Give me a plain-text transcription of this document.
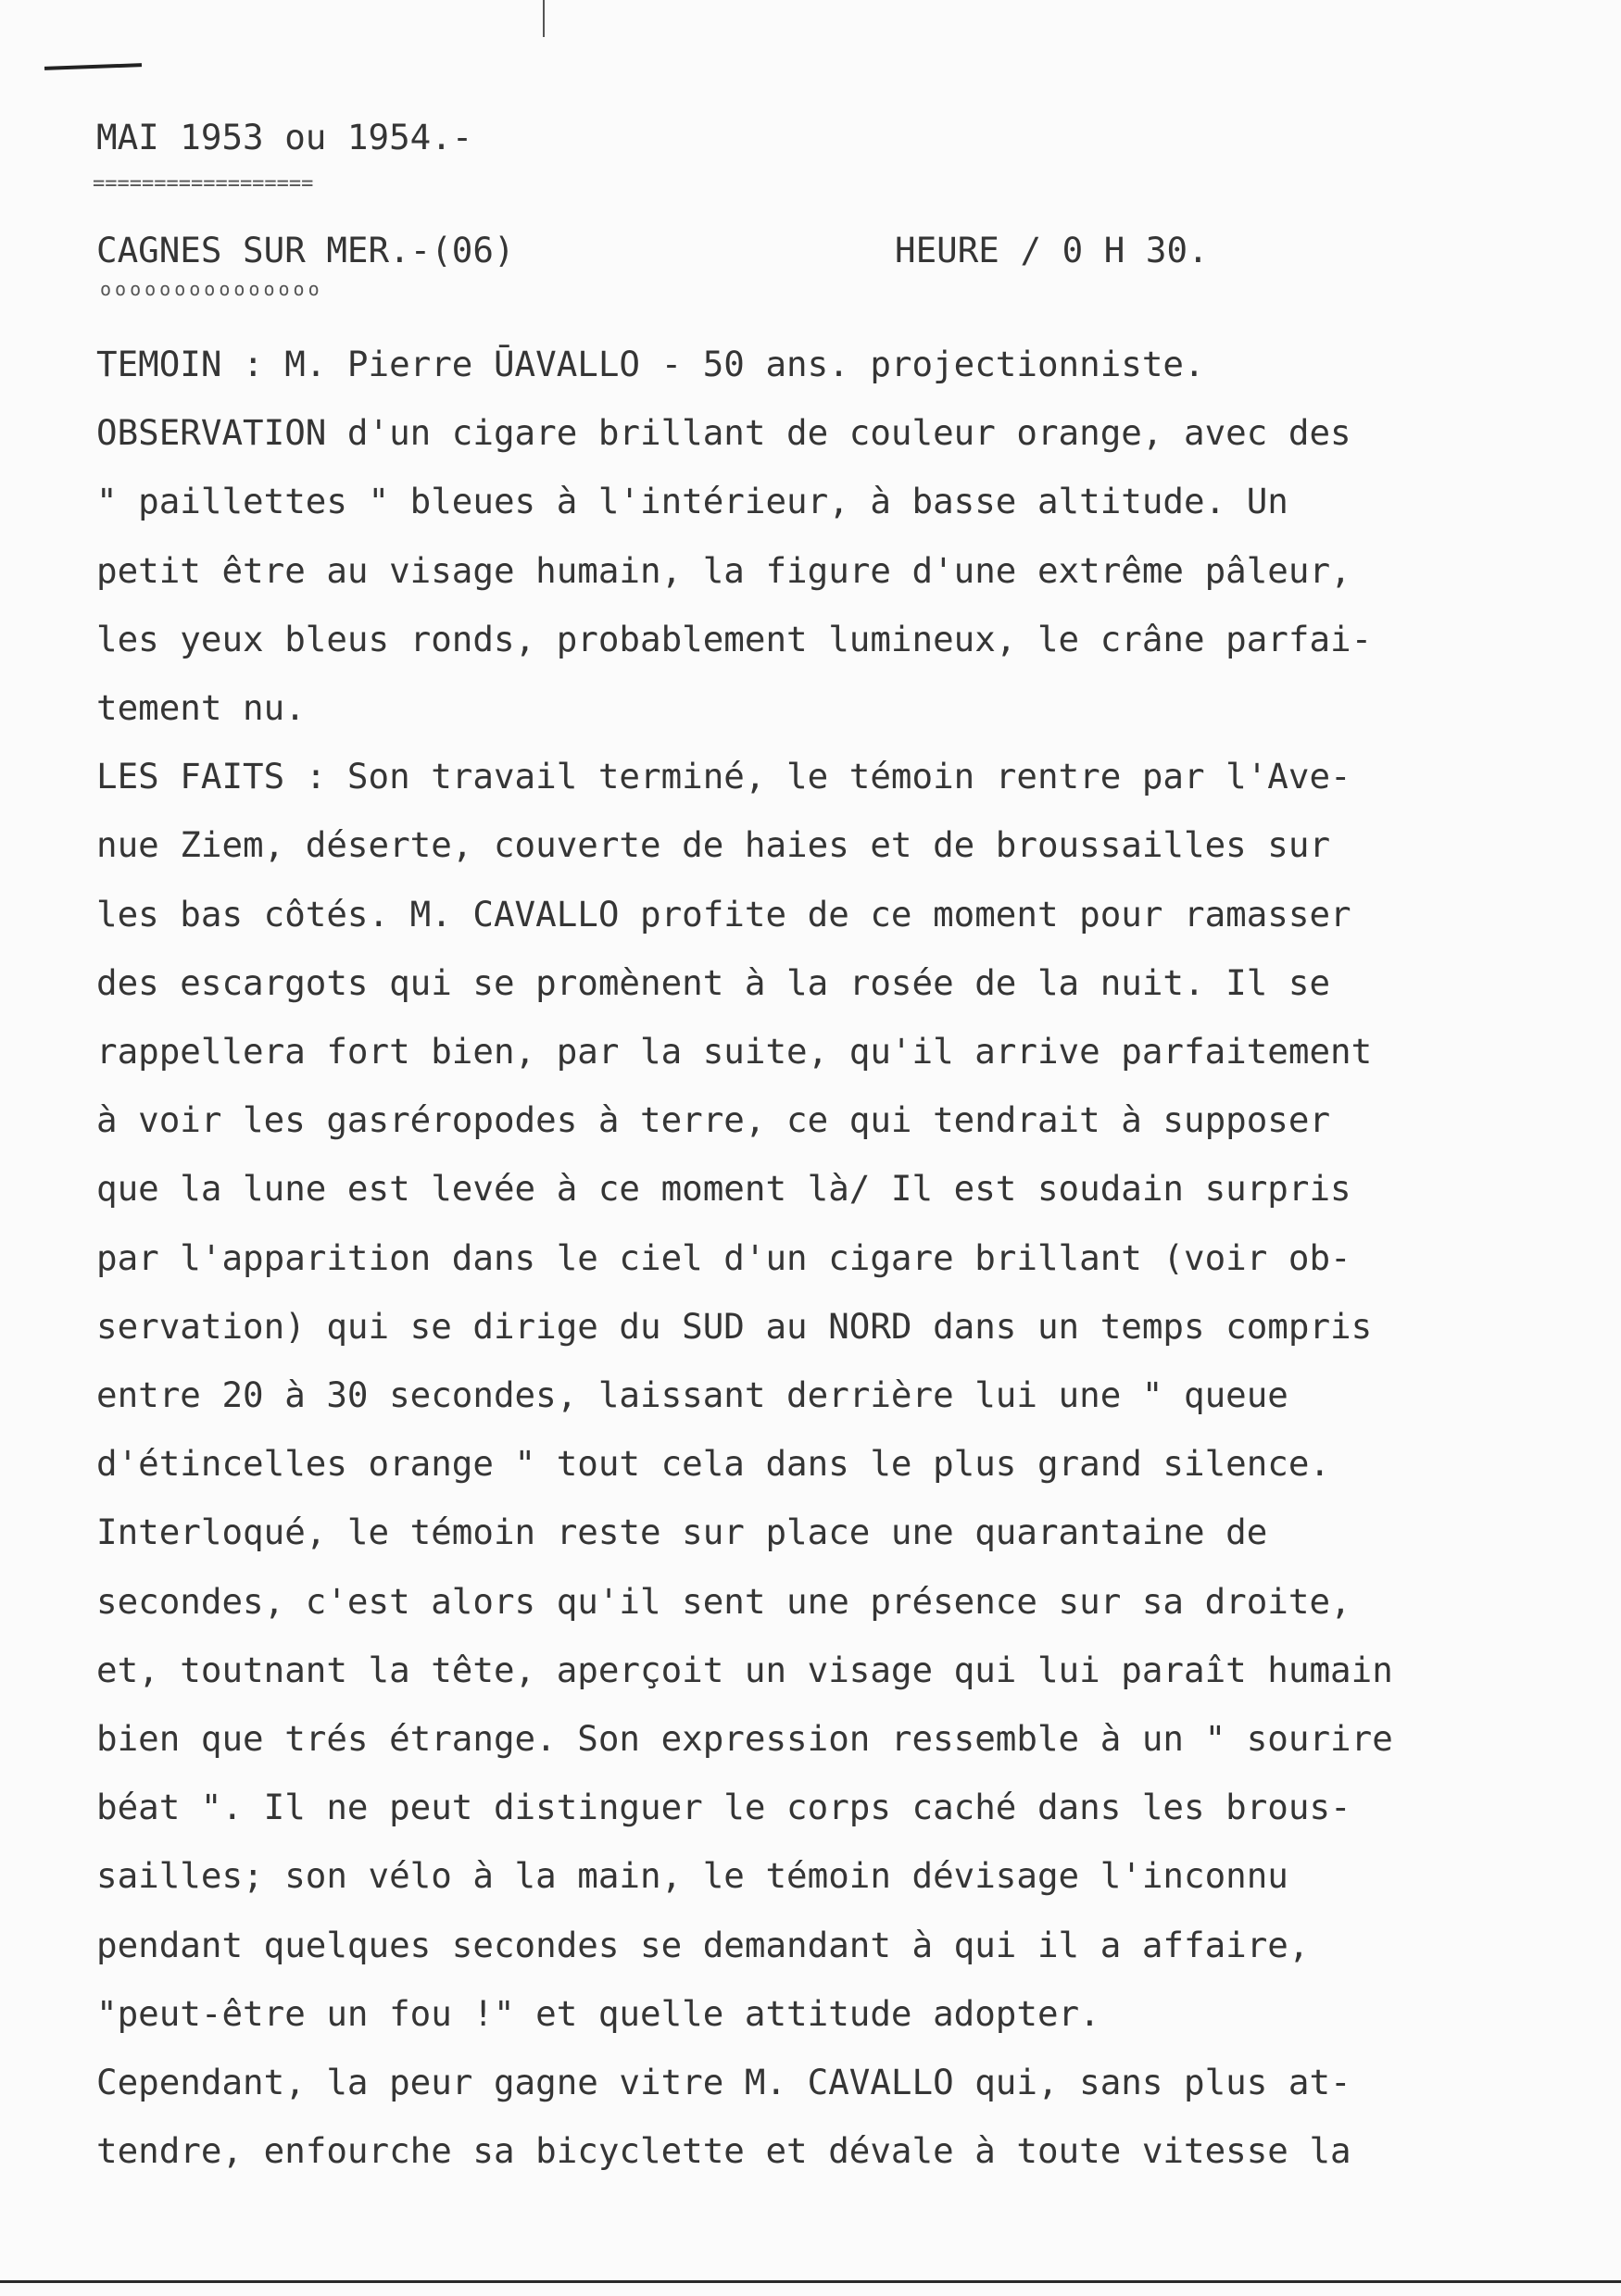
MAI 1953 ou 1954.-
==================
CAGNES SUR MER.-(06)
ooooooooooooooo
HEURE / 0 H 30.
TEMOIN : M. Pierre ŪAVALLO - 50 ans. projectionniste.
OBSERVATION d'un cigare brillant de couleur orange, avec des
" paillettes " bleues à l'intérieur, à basse altitude. Un
petit être au visage humain, la figure d'une extrême pâleur,
les yeux bleus ronds, probablement lumineux, le crâne parfai-
tement nu.
LES FAITS : Son travail terminé, le témoin rentre par l'Ave-
nue Ziem, déserte, couverte de haies et de broussailles sur
les bas côtés. M. CAVALLO profite de ce moment pour ramasser
des escargots qui se promènent à la rosée de la nuit. Il se
rappellera fort bien, par la suite, qu'il arrive parfaitement
à voir les gasréropodes à terre, ce qui tendrait à supposer
que la lune est levée à ce moment là/ Il est soudain surpris
par l'apparition dans le ciel d'un cigare brillant (voir ob-
servation) qui se dirige du SUD au NORD dans un temps compris
entre 20 à 30 secondes, laissant derrière lui une " queue
d'étincelles orange " tout cela dans le plus grand silence.
Interloqué, le témoin reste sur place une quarantaine de
secondes, c'est alors qu'il sent une présence sur sa droite,
et, toutnant la tête, aperçoit un visage qui lui paraît humain
bien que trés étrange. Son expression ressemble à un " sourire
béat ". Il ne peut distinguer le corps caché dans les brous-
sailles; son vélo à la main, le témoin dévisage l'inconnu
pendant quelques secondes se demandant à qui il a affaire,
"peut-être un fou !" et quelle attitude adopter.
Cependant, la peur gagne vitre M. CAVALLO qui, sans plus at-
tendre, enfourche sa bicyclette et dévale à toute vitesse la
